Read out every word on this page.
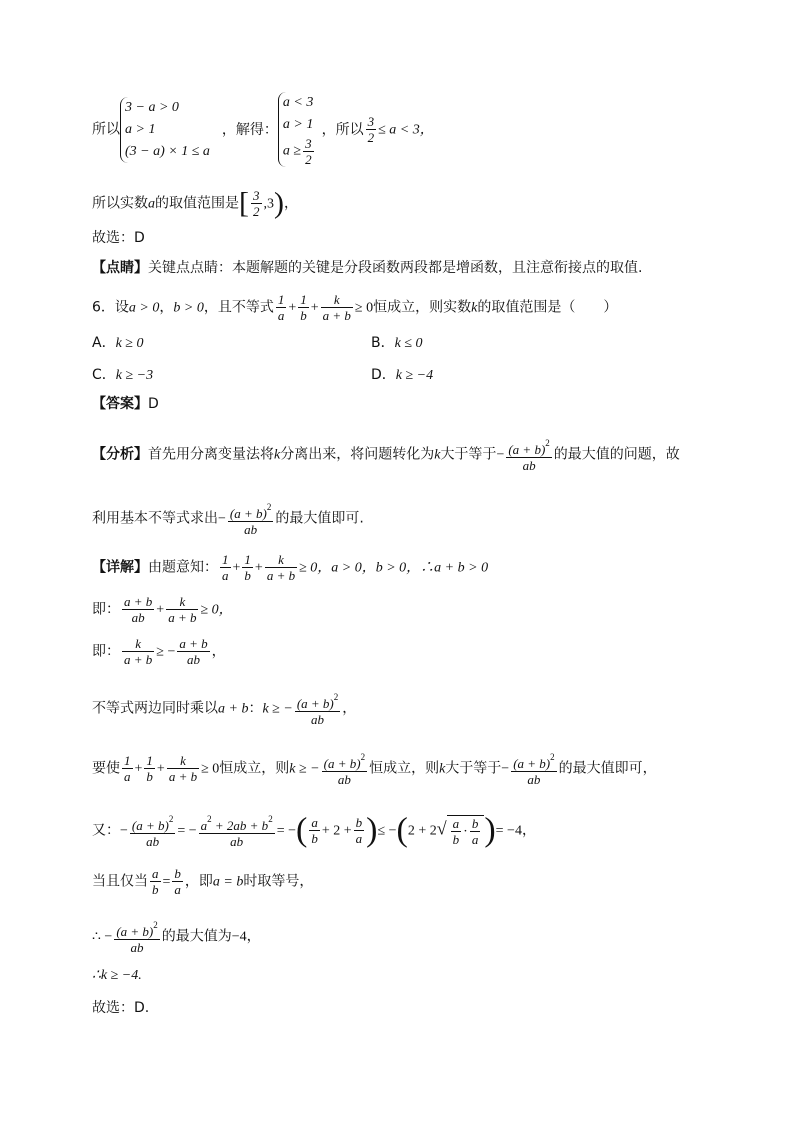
所以
3 − a > 0
a > 1
(3 − a) × 1 ≤ a
，解得：
a < 3
a > 1
$a \ge \frac{3}{2}$
，所以 $\frac{3}{2} \le a < 3$，
所以实数a的取值范围是[ $\frac{3}{2} ,3$)，
故选：D
【点睛】关键点点睛：本题解题的关键是分段函数两段都是增函数，且注意衔接点的取值.
6．设a > 0，b > 0，且不等式 $\frac{1}{a} + \frac{1}{b} + \frac{k}{a + b} \ge 0$恒成立，则实数k的取值范围是（　　）
A．k ≥ 0	B．k ≤ 0
C．k ≥ −3	D．k ≥ −4
【答案】D
【分析】首先用分离变量法将k分离出来，将问题转化为k大于等于− $\frac{(a + b)^2}{ab}$ 的最大值的问题，故
利用基本不等式求出− $\frac{(a + b)^2}{ab}$ 的最大值即可.
【详解】由题意知： $\frac{1}{a} + \frac{1}{b} + \frac{k}{a + b} \ge 0$，a > 0，b > 0，∴a + b > 0
即： $\frac{a + b}{ab} + \frac{k}{a + b} \ge 0$，
即： $\frac{k}{a + b}$ ≥ − $\frac{a + b}{ab}$ ，
不等式两边同时乘以a + b：k ≥ − $\frac{(a + b)^2}{ab}$ ，
要使 $\frac{1}{a} + \frac{1}{b} + \frac{k}{a + b} \ge 0$恒成立，则k ≥ − $\frac{(a + b)^2}{ab}$ 恒成立，则k大于等于− $\frac{(a + b)^2}{ab}$ 的最大值即可，
又：− $\frac{(a + b)^2}{ab}$ = − $\frac{a^2 + 2ab + b^2}{ab}$ = −( $\frac{a}{b} + 2 + \frac{b}{a}$ )≤ $-(2 + 2√ \frac{a}{b} \cdot \frac{b}{a}$ )= −4，
当且仅当 $\frac{a}{b} = \frac{b}{a}$ ，即a = b时取等号，
∴ − $\frac{(a + b)^2}{ab}$ 的最大值为−4，
∴k ≥ −4.
故选：D.
